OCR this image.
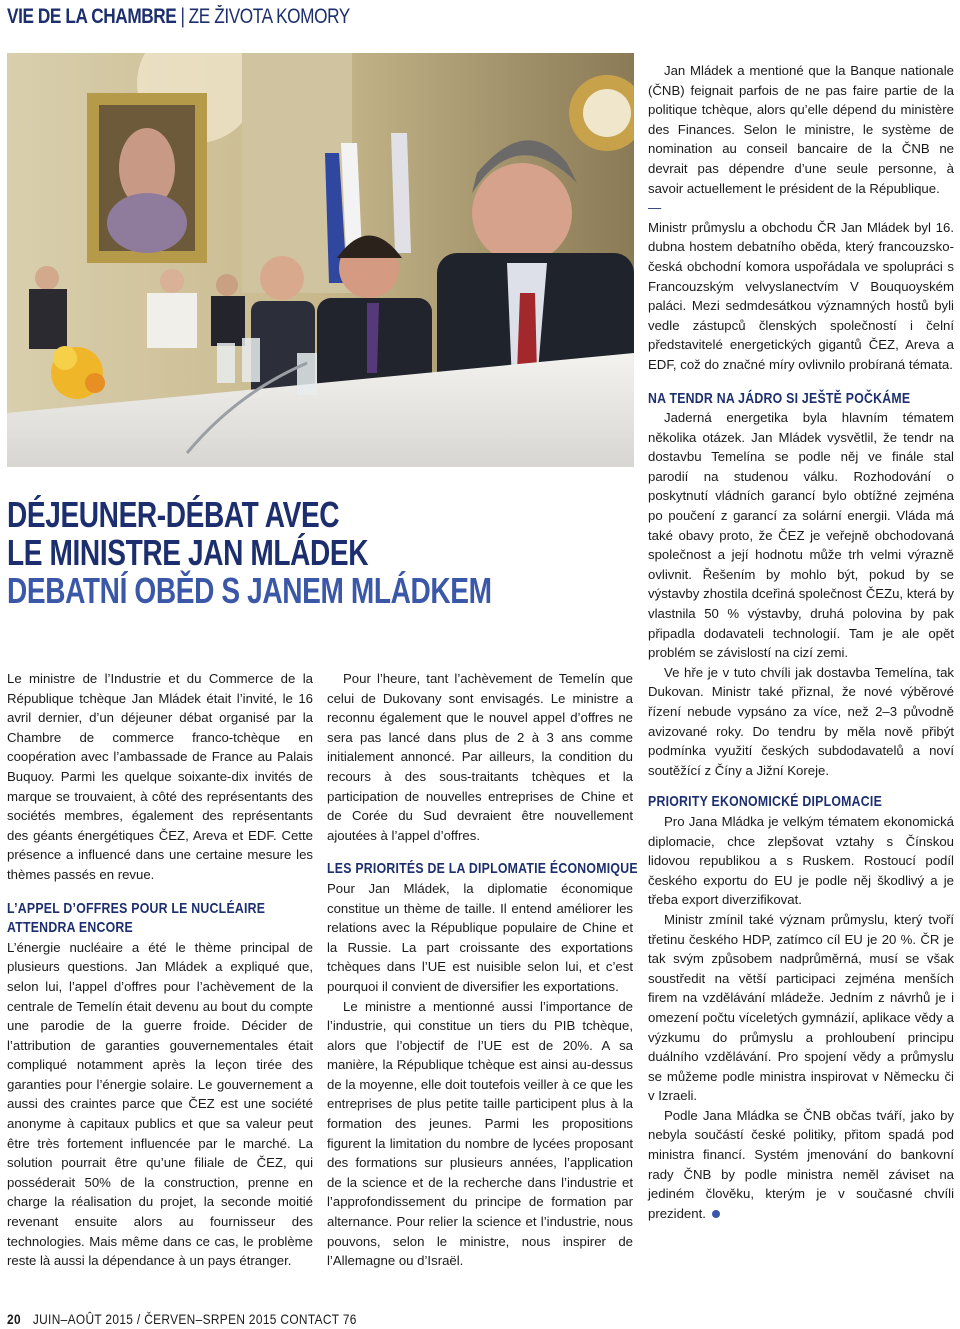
VIE DE LA CHAMBRE | ZE ŽIVOTA KOMORY
DÉJEUNER-DÉBAT AVEC
LE MINISTRE JAN MLÁDEK
DEBATNÍ OBĚD S JANEM MLÁDKEM

Le ministre de l’Industrie et du Commerce de la République tchèque Jan Mládek était l’invité, le 16 avril dernier, d’un déjeuner débat organisé par la Chambre de commerce franco-tchèque en coopération avec l’ambassade de France au Palais Buquoy. Parmi les quelque soixante-dix invités de marque se trouvaient, à côté des représentants des sociétés membres, également des représentants des géants énergétiques ČEZ, Areva et EDF. Cette présence a influencé dans une certaine mesure les thèmes passés en revue.

L’APPEL D’OFFRES POUR LE NUCLÉAIRE
ATTENDRA ENCORE

L’énergie nucléaire a été le thème principal de plusieurs questions. Jan Mládek a expliqué que, selon lui, l’appel d’offres pour l’achèvement de la centrale de Temelín était devenu au bout du compte une parodie de la guerre froide. Décider de l’attribution de garanties gouvernementales était compliqué notamment après la leçon tirée des garanties pour l’énergie solaire. Le gouvernement a aussi des craintes parce que ČEZ est une société anonyme à capitaux publics et que sa valeur peut être très fortement influencée par le marché. La solution pourrait être qu’une filiale de ČEZ, qui posséderait 50% de la construction, prenne en charge la réalisation du projet, la seconde moitié revenant ensuite alors au fournisseur des technologies. Mais même dans ce cas, le problème reste là aussi la dépendance à un pays étranger.

Pour l’heure, tant l’achèvement de Temelín que celui de Dukovany sont envisagés. Le ministre a reconnu également que le nouvel appel d’offres ne sera pas lancé dans plus de 2 à 3 ans comme initialement annoncé. Par ailleurs, la condition du recours à des sous-traitants tchèques et la participation de nouvelles entreprises de Chine et de Corée du Sud devraient être nouvellement ajoutées à l’appel d’offres.

LES PRIORITÉS DE LA DIPLOMATIE ÉCONOMIQUE

Pour Jan Mládek, la diplomatie économique constitue un thème de taille. Il entend améliorer les relations avec la République populaire de Chine et la Russie. La part croissante des exportations tchèques dans l’UE est nuisible selon lui, et c’est pourquoi il convient de diversifier les exportations.

Le ministre a mentionné aussi l’importance de l’industrie, qui constitue un tiers du PIB tchèque, alors que l’objectif de l’UE est de 20%. A sa manière, la République tchèque est ainsi au-dessus de la moyenne, elle doit toutefois veiller à ce que les entreprises de plus petite taille participent plus à la formation des jeunes. Parmi les propositions figurent la limitation du nombre de lycées proposant des formations sur plusieurs années, l’application de la science et de la recherche dans l’industrie et l’approfondissement du principe de formation par alternance. Pour relier la science et l’industrie, nous pouvons, selon le ministre, nous inspirer de l’Allemagne ou d’Israël.

Jan Mládek a mentioné que la Banque nationale (ČNB) feignait parfois de ne pas faire partie de la politique tchèque, alors qu’elle dépend du ministère des Finances. Selon le ministre, le système de nomination au conseil bancaire de la ČNB ne devrait pas dépendre d’une seule personne, à savoir actuellement le président de la République.

—

Ministr průmyslu a obchodu ČR Jan Mládek byl 16. dubna hostem debatního oběda, který francouzsko-česká obchodní komora uspořádala ve spolupráci s Francouzským velvyslanectvím V Bouquoyském paláci. Mezi sedmdesátkou významných hostů byli vedle zástupců členských společností i čelní představitelé energetických gigantů ČEZ, Areva a EDF, což do značné míry ovlivnilo probíraná témata.

NA TENDR NA JÁDRO SI JEŠTĚ POČKÁME

Jaderná energetika byla hlavním tématem několika otázek. Jan Mládek vysvětlil, že tendr na dostavbu Temelína se podle něj ve finále stal parodií na studenou válku. Rozhodování o poskytnutí vládních garancí bylo obtížné zejména po poučení z garancí za solární energii. Vláda má také obavy proto, že ČEZ je veřejně obchodovaná společnost a její hodnotu může trh velmi výrazně ovlivnit. Řešením by mohlo být, pokud by se výstavby zhostila dceřiná společnost ČEZu, která by vlastnila 50 % výstavby, druhá polovina by pak připadla dodavateli technologií. Tam je ale opět problém se závislostí na cizí zemi.

Ve hře je v tuto chvíli jak dostavba Temelína, tak Dukovan. Ministr také přiznal, že nové výběrové řízení nebude vypsáno za více, než 2–3 původně avizované roky. Do tendru by měla nově přibýt podmínka využití českých subdodavatelů a noví soutěžící z Číny a Jižní Koreje.

PRIORITY EKONOMICKÉ DIPLOMACIE

Pro Jana Mládka je velkým tématem ekonomická diplomacie, chce zlepšovat vztahy s Čínskou lidovou republikou a s Ruskem. Rostoucí podíl českého exportu do EU je podle něj škodlivý a je třeba export diverzifikovat.

Ministr zmínil také význam průmyslu, který tvoří třetinu českého HDP, zatímco cíl EU je 20 %. ČR je tak svým způsobem nadprůměrná, musí se však soustředit na větší participaci zejména menších firem na vzdělávání mládeže. Jedním z návrhů je i omezení počtu víceletých gymnázií, aplikace vědy a výzkumu do průmyslu a prohloubení principu duálního vzdělávání. Pro spojení vědy a průmyslu se můžeme podle ministra inspirovat v Německu či v Izraeli.

Podle Jana Mládka se ČNB občas tváří, jako by nebyla součástí české politiky, přitom spadá pod ministra financí. Systém jmenování do bankovní rady ČNB by podle ministra neměl záviset na jediném člověku, kterým je v současné chvíli prezident.

20 JUIN–AOÛT 2015 / ČERVEN–SRPEN 2015 CONTACT 76
